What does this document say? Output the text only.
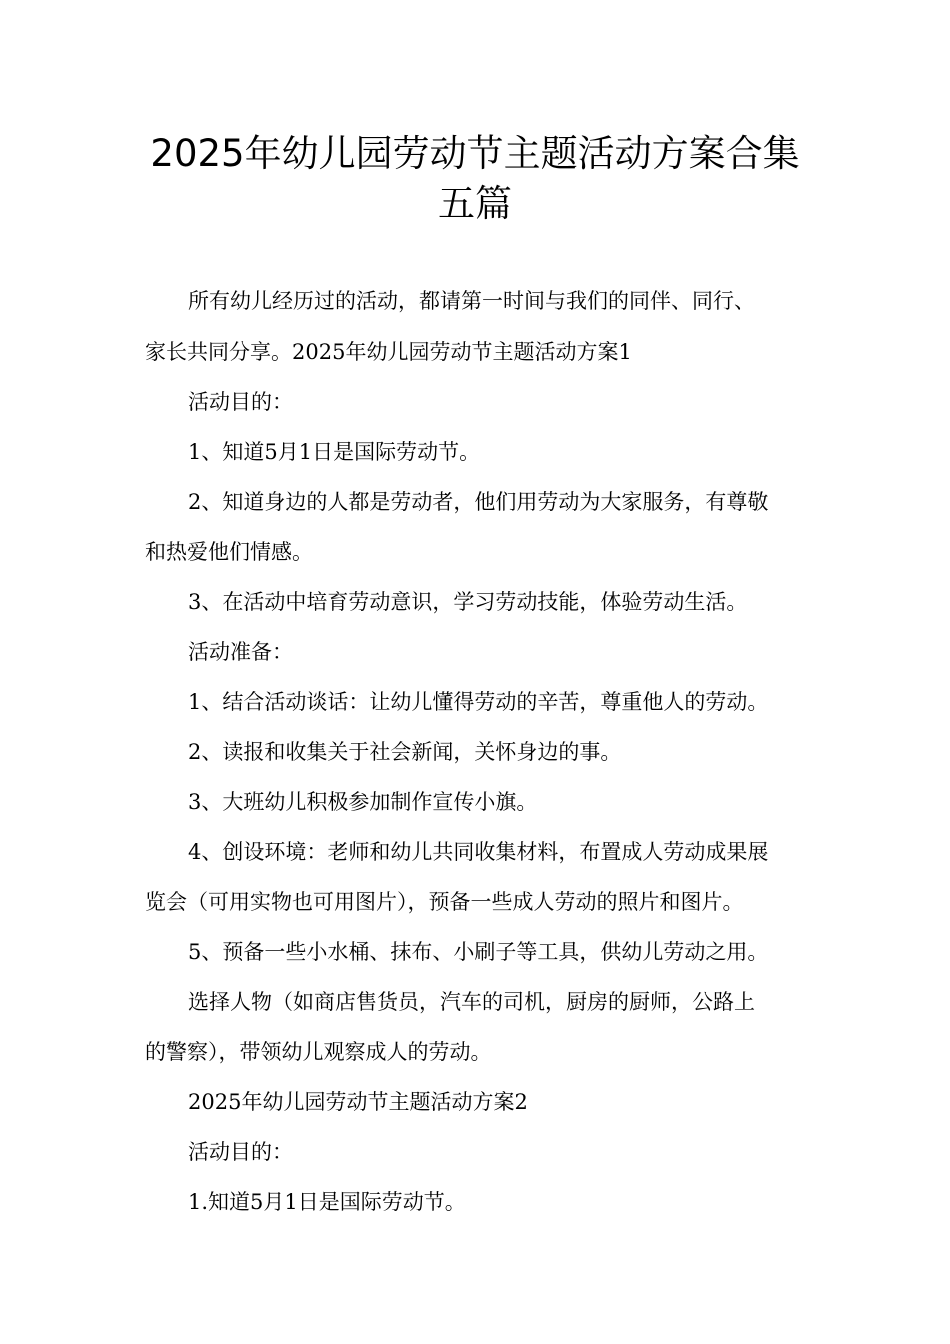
2025年幼儿园劳动节主题活动方案合集
五篇

所有幼儿经历过的活动，都请第一时间与我们的同伴、同行、

家长共同分享。2025年幼儿园劳动节主题活动方案1

活动目的：

1、知道5月1日是国际劳动节。

2、知道身边的人都是劳动者，他们用劳动为大家服务，有尊敬

和热爱他们情感。

3、在活动中培育劳动意识，学习劳动技能，体验劳动生活。

活动准备：

1、结合活动谈话：让幼儿懂得劳动的辛苦，尊重他人的劳动。

2、读报和收集关于社会新闻，关怀身边的事。

3、大班幼儿积极参加制作宣传小旗。

4、创设环境：老师和幼儿共同收集材料，布置成人劳动成果展

览会（可用实物也可用图片），预备一些成人劳动的照片和图片。

5、预备一些小水桶、抹布、小刷子等工具，供幼儿劳动之用。

选择人物（如商店售货员，汽车的司机，厨房的厨师，公路上

的警察），带领幼儿观察成人的劳动。

2025年幼儿园劳动节主题活动方案2

活动目的：

1.知道5月1日是国际劳动节。
